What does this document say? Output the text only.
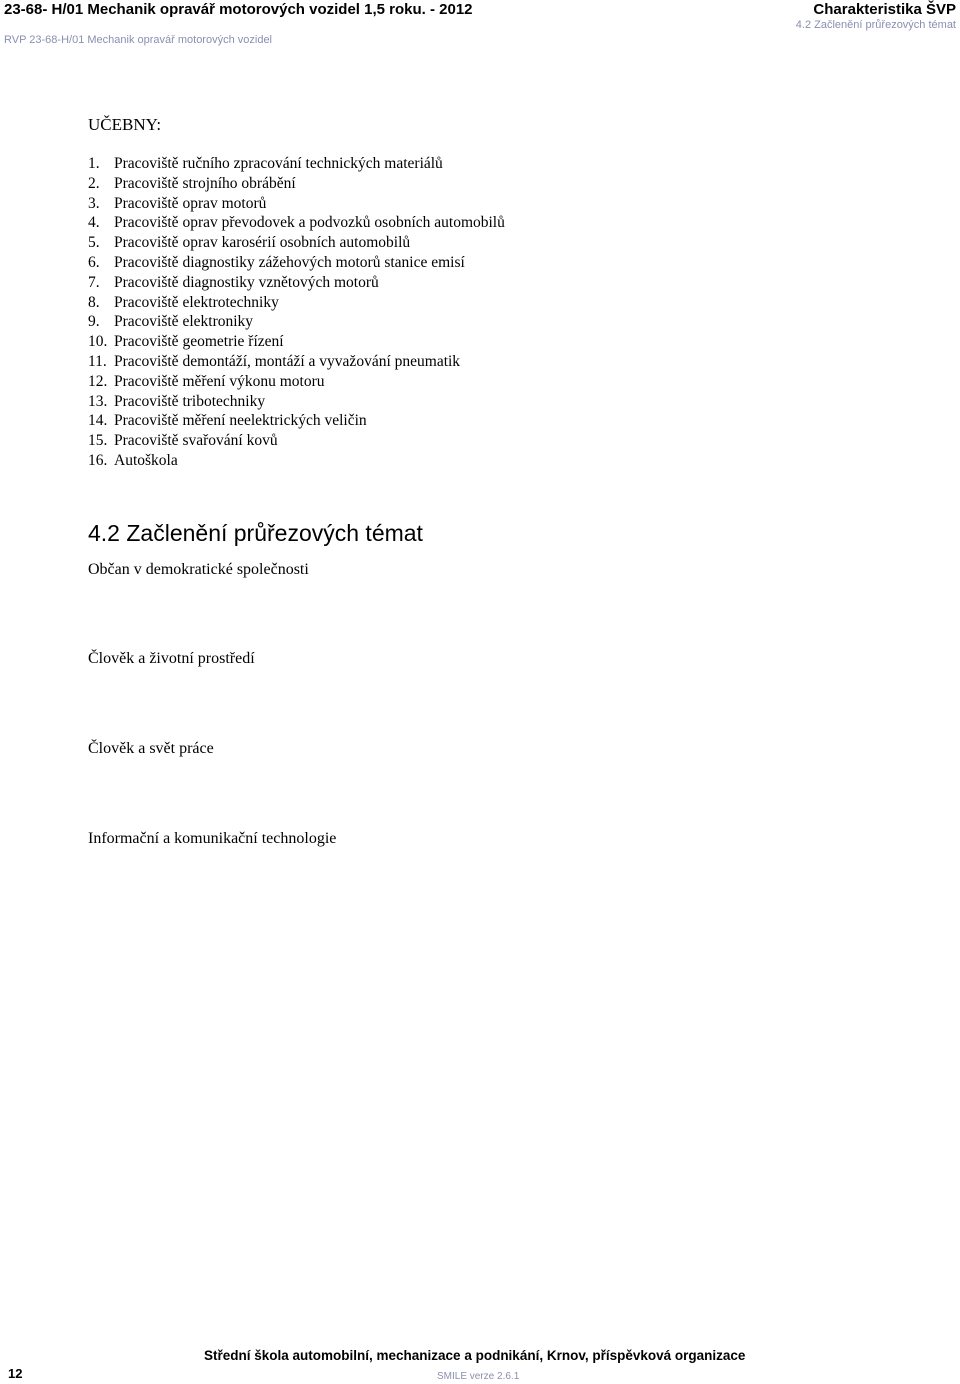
23-68- H/01 Mechanik opravář motorových vozidel 1,5 roku. - 2012	Charakteristika ŠVP
RVP 23-68-H/01 Mechanik opravář motorových vozidel
4.2 Začlenění průřezových témat
UČEBNY:
1. Pracoviště ručního zpracování technických materiálů
2. Pracoviště strojního obrábění
3. Pracoviště oprav motorů
4. Pracoviště oprav převodovek a podvozků osobních automobilů
5. Pracoviště oprav karosérií osobních automobilů
6. Pracoviště diagnostiky zážehových motorů stanice emisí
7. Pracoviště diagnostiky vznětových motorů
8. Pracoviště elektrotechniky
9. Pracoviště elektroniky
10. Pracoviště geometrie řízení
11. Pracoviště demontáží, montáží a vyvažování pneumatik
12. Pracoviště měření výkonu motoru
13. Pracoviště tribotechniky
14. Pracoviště měření neelektrických veličin
15. Pracoviště svařování kovů
16. Autoškola
4.2 Začlenění průřezových témat
Občan v demokratické společnosti
Člověk a životní prostředí
Člověk a svět práce
Informační a komunikační technologie
Střední škola automobilní, mechanizace a podnikání, Krnov, příspěvková organizace
12	SMILE verze 2.6.1
